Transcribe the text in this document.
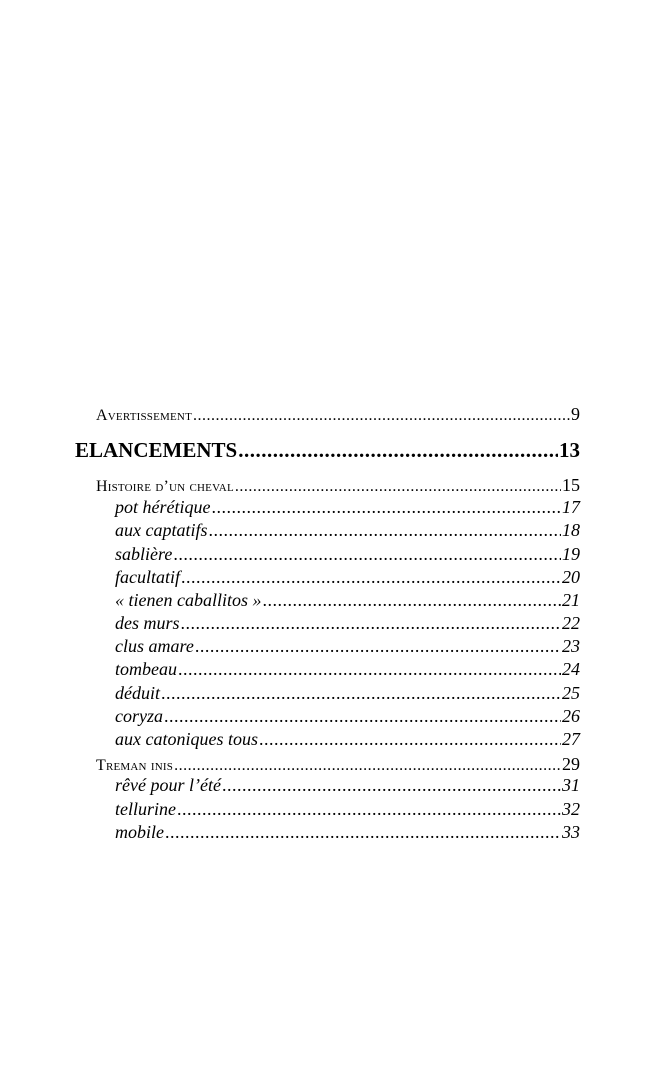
Avertissement .....	9
ELANCEMENTS .....	13
Histoire d’un cheval .....	15
pot hérétique .....	17
aux captatifs .....	18
sablière .....	19
facultatif .....	20
« tienen caballitos » .....	21
des murs .....	22
clus amare .....	23
tombeau .....	24
déduit .....	25
coryza .....	26
aux catoniques tous .....	27
Treman inis .....	29
rêvé pour l’été .....	31
tellurine .....	32
mobile .....	33
